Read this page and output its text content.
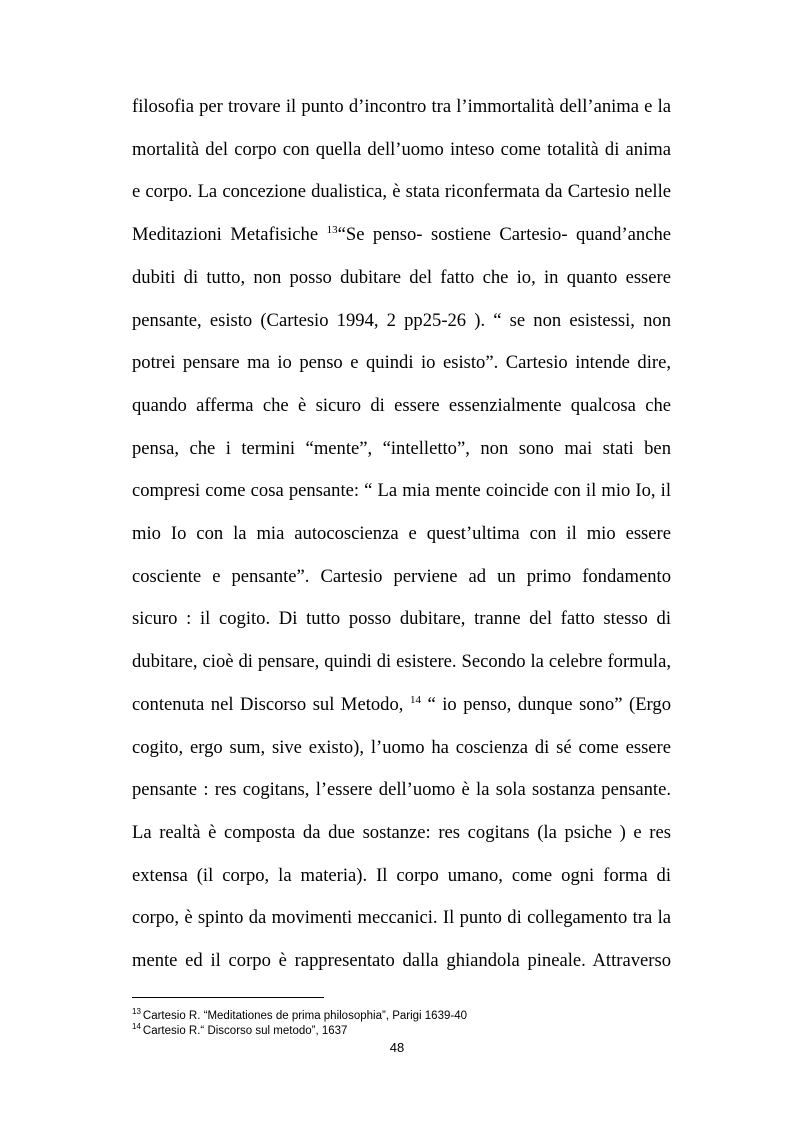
filosofia per trovare il punto d’incontro tra l’immortalità dell’anima e la
mortalità del corpo con quella dell’uomo inteso come totalità di anima
e corpo. La concezione dualistica, è stata riconfermata da Cartesio nelle
Meditazioni Metafisiche $^{13}$“Se penso- sostiene Cartesio- quand’anche
dubiti di tutto, non posso dubitare del fatto che io, in quanto essere
pensante, esisto (Cartesio 1994, 2 pp25-26 ). “ se non esistessi, non
potrei pensare ma io penso e quindi io esisto”. Cartesio intende dire,
quando afferma che è sicuro di essere essenzialmente qualcosa che
pensa, che i termini “mente”, “intelletto”, non sono mai stati ben
compresi come cosa pensante: “ La mia mente coincide con il mio Io, il
mio Io con la mia autocoscienza e quest’ultima con il mio essere
cosciente e pensante”. Cartesio perviene ad un primo fondamento
sicuro : il cogito. Di tutto posso dubitare, tranne del fatto stesso di
dubitare, cioè di pensare, quindi di esistere. Secondo la celebre formula,
contenuta nel Discorso sul Metodo, $^{14}$ “ io penso, dunque sono” (Ergo
cogito, ergo sum, sive existo), l’uomo ha coscienza di sé come essere
pensante : res cogitans, l’essere dell’uomo è la sola sostanza pensante.
La realtà è composta da due sostanze: res cogitans (la psiche ) e res
extensa (il corpo, la materia). Il corpo umano, come ogni forma di
corpo, è spinto da movimenti meccanici. Il punto di collegamento tra la
mente ed il corpo è rappresentato dalla ghiandola pineale. Attraverso
$^{13}$ Cartesio R. “Meditationes de prima philosophia”, Parigi 1639-40
$^{14}$ Cartesio R.“ Discorso sul metodo”, 1637
48
